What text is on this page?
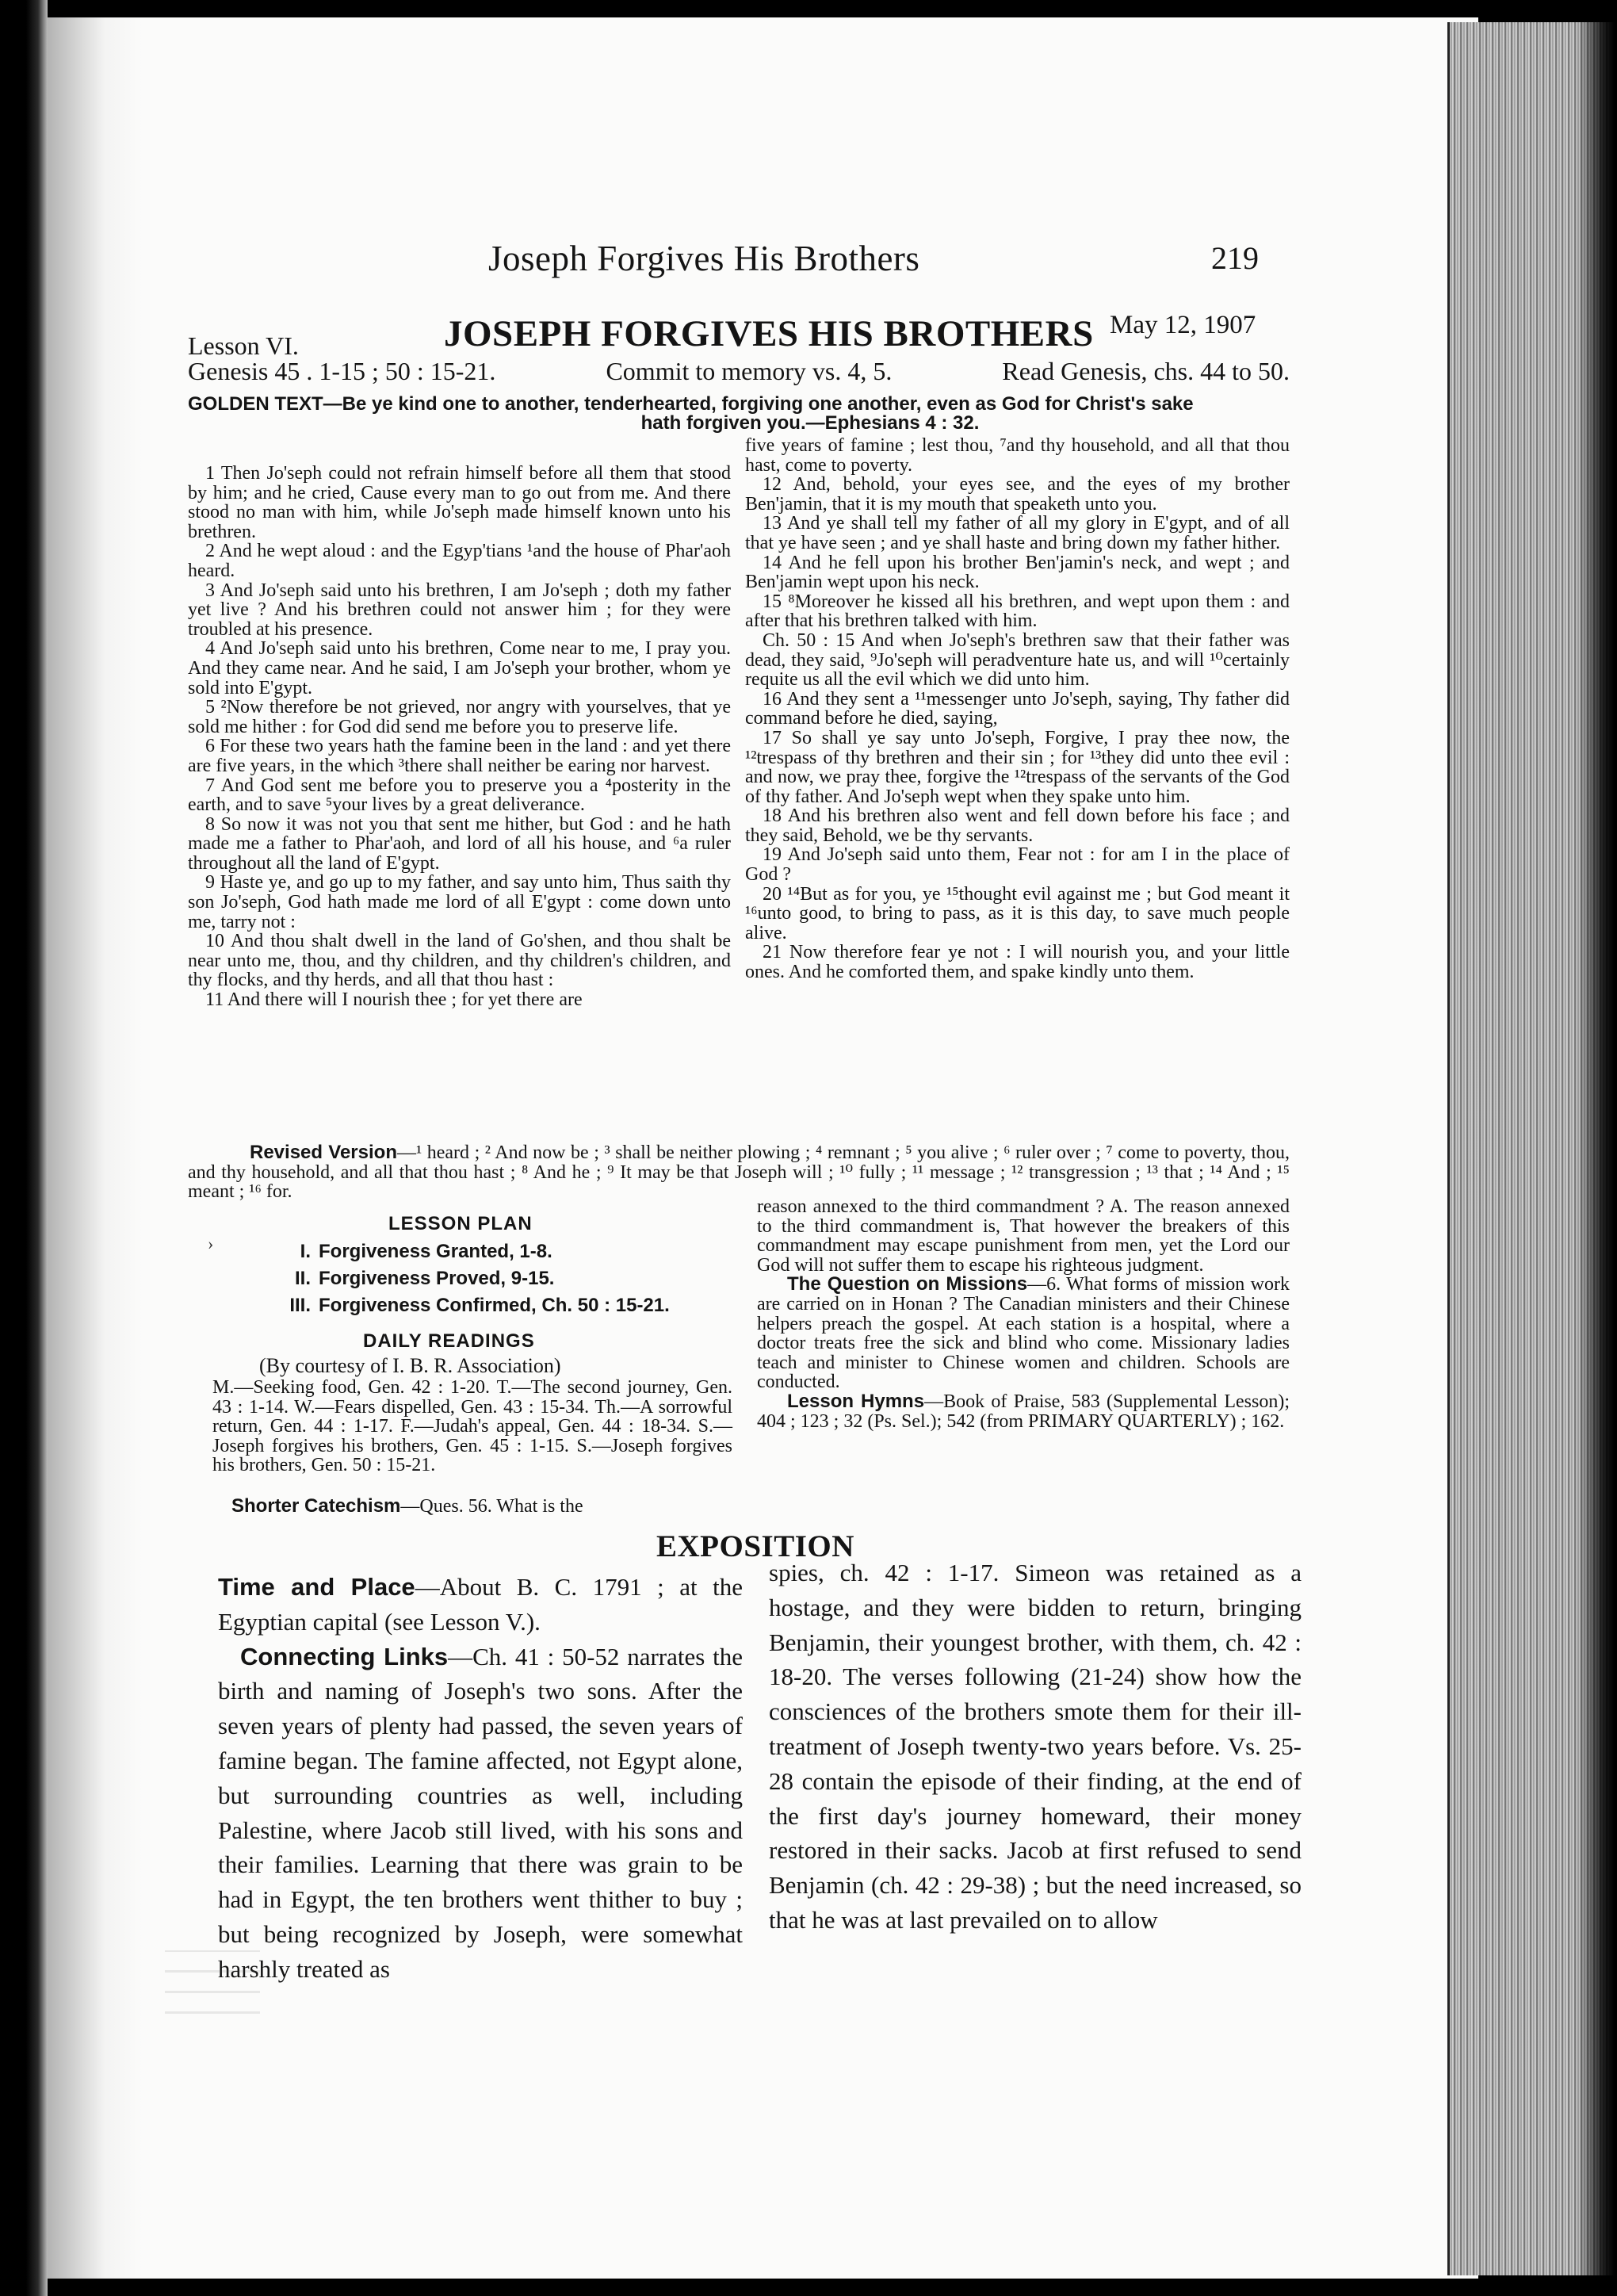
Joseph Forgives His Brothers	219
Lesson VI.	JOSEPH FORGIVES HIS BROTHERS May 12, 1907
Genesis 45 . 1-15 ; 50 : 15-21.	Commit to memory vs. 4, 5.	Read Genesis, chs. 44 to 50.
GOLDEN TEXT—Be ye kind one to another, tenderhearted, forgiving one another, even as God for Christ's sake
hath forgiven you.—Ephesians 4 : 32.

1 Then Jo'seph could not refrain himself before all them that stood by him; and he cried, Cause every man to go out from me. And there stood no man with him, while Jo'seph made himself known unto his brethren.

2 And he wept aloud : and the Egyp'tians ¹and the house of Phar'aoh heard.

3 And Jo'seph said unto his brethren, I am Jo'seph ; doth my father yet live ? And his brethren could not answer him ; for they were troubled at his presence.

4 And Jo'seph said unto his brethren, Come near to me, I pray you. And they came near. And he said, I am Jo'seph your brother, whom ye sold into E'gypt.

5 ²Now therefore be not grieved, nor angry with yourselves, that ye sold me hither : for God did send me before you to preserve life.

6 For these two years hath the famine been in the land : and yet there are five years, in the which ³there shall neither be earing nor harvest.

7 And God sent me before you to preserve you a ⁴posterity in the earth, and to save ⁵your lives by a great deliverance.

8 So now it was not you that sent me hither, but God : and he hath made me a father to Phar'aoh, and lord of all his house, and ⁶a ruler throughout all the land of E'gypt.

9 Haste ye, and go up to my father, and say unto him, Thus saith thy son Jo'seph, God hath made me lord of all E'gypt : come down unto me, tarry not :

10 And thou shalt dwell in the land of Go'shen, and thou shalt be near unto me, thou, and thy children, and thy children's children, and thy flocks, and thy herds, and all that thou hast :

11 And there will I nourish thee ; for yet there are

five years of famine ; lest thou, ⁷and thy household, and all that thou hast, come to poverty.

12 And, behold, your eyes see, and the eyes of my brother Ben'jamin, that it is my mouth that speaketh unto you.

13 And ye shall tell my father of all my glory in E'gypt, and of all that ye have seen ; and ye shall haste and bring down my father hither.

14 And he fell upon his brother Ben'jamin's neck, and wept ; and Ben'jamin wept upon his neck.

15 ⁸Moreover he kissed all his brethren, and wept upon them : and after that his brethren talked with him.

Ch. 50 : 15 And when Jo'seph's brethren saw that their father was dead, they said, ⁹Jo'seph will peradventure hate us, and will ¹⁰certainly requite us all the evil which we did unto him.

16 And they sent a ¹¹messenger unto Jo'seph, saying, Thy father did command before he died, saying,

17 So shall ye say unto Jo'seph, Forgive, I pray thee now, the ¹²trespass of thy brethren and their sin ; for ¹³they did unto thee evil : and now, we pray thee, forgive the ¹²trespass of the servants of the God of thy father. And Jo'seph wept when they spake unto him.

18 And his brethren also went and fell down before his face ; and they said, Behold, we be thy servants.

19 And Jo'seph said unto them, Fear not : for am I in the place of God ?

20 ¹⁴But as for you, ye ¹⁵thought evil against me ; but God meant it ¹⁶unto good, to bring to pass, as it is this day, to save much people alive.

21 Now therefore fear ye not : I will nourish you, and your little ones. And he comforted them, and spake kindly unto them.

Revised Version—¹ heard ; ² And now be ; ³ shall be neither plowing ; ⁴ remnant ; ⁵ you alive ; ⁶ ruler over ; ⁷ come to poverty, thou, and thy household, and all that thou hast ; ⁸ And he ; ⁹ It may be that Joseph will ; ¹⁰ fully ; ¹¹ message ; ¹² transgression ; ¹³ that ; ¹⁴ And ; ¹⁵ meant ; ¹⁶ for.
›
LESSON PLAN
I. Forgiveness Granted, 1-8.
II. Forgiveness Proved, 9-15.
III. Forgiveness Confirmed, Ch. 50 : 15-21.
DAILY READINGS
(By courtesy of I. B. R. Association)

M.—Seeking food, Gen. 42 : 1-20. T.—The second journey, Gen. 43 : 1-14. W.—Fears dispelled, Gen. 43 : 15-34. Th.—A sorrowful return, Gen. 44 : 1-17. F.—Judah's appeal, Gen. 44 : 18-34. S.—Joseph forgives his brothers, Gen. 45 : 1-15. S.—Joseph forgives his brothers, Gen. 50 : 15-21.

Shorter Catechism—Ques. 56. What is the

reason annexed to the third commandment ? A. The reason annexed to the third commandment is, That however the breakers of this commandment may escape punishment from men, yet the Lord our God will not suffer them to escape his righteous judgment.

The Question on Missions—6. What forms of mission work are carried on in Honan ? The Canadian ministers and their Chinese helpers preach the gospel. At each station is a hospital, where a doctor treats free the sick and blind who come. Missionary ladies teach and minister to Chinese women and children. Schools are conducted.

Lesson Hymns—Book of Praise, 583 (Supplemental Lesson); 404 ; 123 ; 32 (Ps. Sel.); 542 (from PRIMARY QUARTERLY) ; 162.

EXPOSITION

Time and Place—About B. C. 1791 ; at the Egyptian capital (see Lesson V.).

Connecting Links—Ch. 41 : 50-52 narrates the birth and naming of Joseph's two sons. After the seven years of plenty had passed, the seven years of famine began. The famine affected, not Egypt alone, but surrounding countries as well, including Palestine, where Jacob still lived, with his sons and their families. Learning that there was grain to be had in Egypt, the ten brothers went thither to buy ; but being recognized by Joseph, were somewhat harshly treated as

spies, ch. 42 : 1-17. Simeon was retained as a hostage, and they were bidden to return, bringing Benjamin, their youngest brother, with them, ch. 42 : 18-20. The verses following (21-24) show how the consciences of the brothers smote them for their ill-treatment of Joseph twenty-two years before. Vs. 25-28 contain the episode of their finding, at the end of the first day's journey homeward, their money restored in their sacks. Jacob at first refused to send Benjamin (ch. 42 : 29-38) ; but the need increased, so that he was at last prevailed on to allow
